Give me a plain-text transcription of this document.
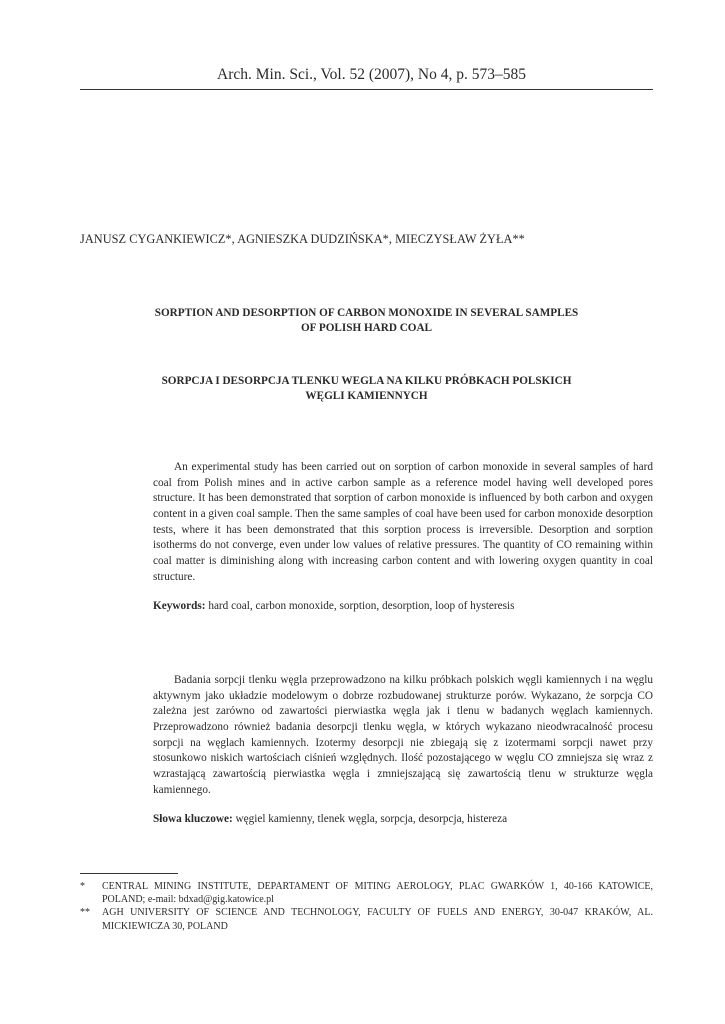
Arch. Min. Sci., Vol. 52 (2007), No 4, p. 573–585
JANUSZ CYGANKIEWICZ*, AGNIESZKA DUDZIŃSKA*, MIECZYSŁAW ŻYŁA**
SORPTION AND DESORPTION OF CARBON MONOXIDE IN SEVERAL SAMPLES
OF POLISH HARD COAL
SORPCJA I DESORPCJA TLENKU WEGLA NA KILKU PRÓBKACH POLSKICH
WĘGLI KAMIENNYCH

An experimental study has been carried out on sorption of carbon monoxide in several samples of hard coal from Polish mines and in active carbon sample as a reference model having well developed pores structure. It has been demonstrated that sorption of carbon monoxide is influenced by both carbon and oxygen content in a given coal sample. Then the same samples of coal have been used for carbon monoxide desorption tests, where it has been demonstrated that this sorption process is irreversible. Desorption and sorption isotherms do not converge, even under low values of relative pressures. The quantity of CO remaining within coal matter is diminishing along with increasing carbon content and with lowering oxygen quantity in coal structure.

Keywords: hard coal, carbon monoxide, sorption, desorption, loop of hysteresis

Badania sorpcji tlenku węgla przeprowadzono na kilku próbkach polskich węgli kamiennych i na węglu aktywnym jako układzie modelowym o dobrze rozbudowanej strukturze porów. Wykazano, że sorpcja CO zależna jest zarówno od zawartości pierwiastka węgla jak i tlenu w badanych węglach kamiennych. Przeprowadzono również badania desorpcji tlenku węgla, w których wykazano nieodwracalność procesu sorpcji na węglach kamiennych. Izotermy desorpcji nie zbiegają się z izotermami sorpcji nawet przy stosunkowo niskich wartościach ciśnień względnych. Ilość pozostającego w węglu CO zmniejsza się wraz z wzrastającą zawartością pierwiastka węgla i zmniejszającą się zawartością tlenu w strukturze węgla kamiennego.

Słowa kluczowe: węgiel kamienny, tlenek węgla, sorpcja, desorpcja, histereza

*	CENTRAL MINING INSTITUTE, DEPARTAMENT OF MITING AEROLOGY, PLAC GWARKÓW 1, 40-166 KATOWICE, POLAND; e-mail: bdxad@gig.katowice.pl

**	AGH UNIVERSITY OF SCIENCE AND TECHNOLOGY, FACULTY OF FUELS AND ENERGY, 30-047 KRAKÓW, AL. MICKIEWICZA 30, POLAND
